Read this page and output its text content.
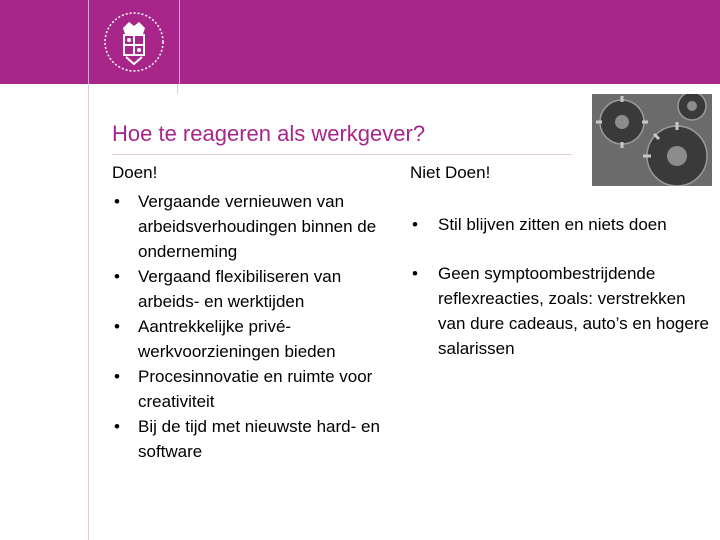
Hoe te reageren als werkgever?
Doen!
• Vergaande vernieuwen van arbeidsverhoudingen binnen de onderneming
• Vergaand flexibiliseren van arbeids- en werktijden
• Aantrekkelijke privé-werkvoorzieningen bieden
• Procesinnovatie en ruimte voor creativiteit
• Bij de tijd met nieuwste hard- en software
Niet Doen!
• Stil blijven zitten en niets doen
• Geen symptoombestrijdende reflexreacties, zoals: verstrekken van dure cadeaus, auto’s en hogere salarissen
